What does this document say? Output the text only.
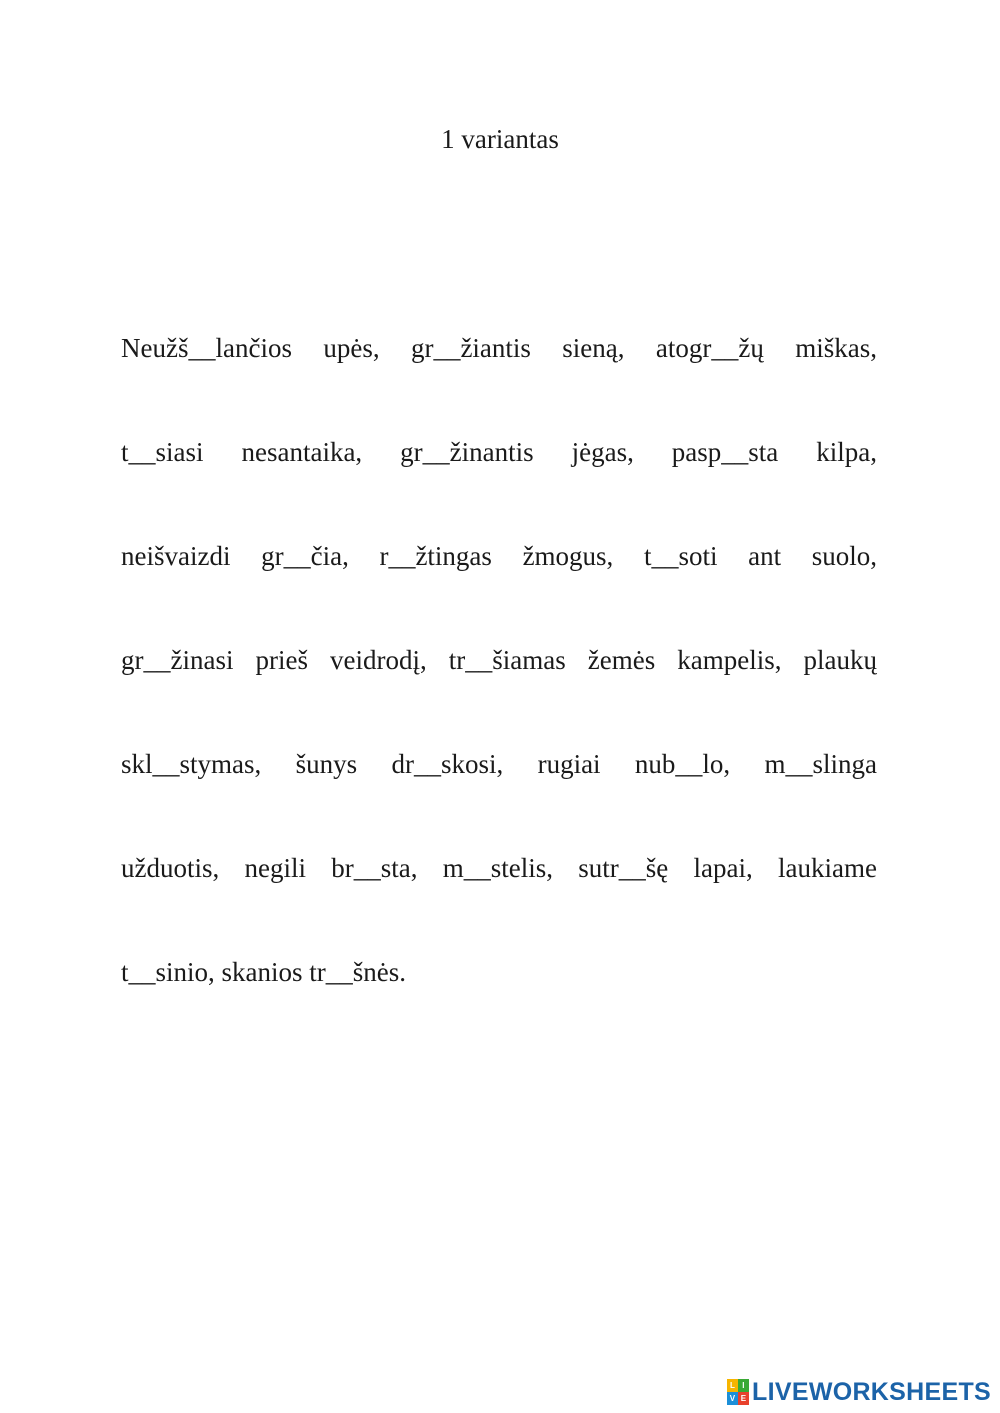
1 variantas
Neužš__lančios upės, gr__žiantis sieną, atogr__žų miškas,
t__siasi nesantaika, gr__žinantis jėgas, pasp__sta kilpa,
neišvaizdi gr__čia, r__žtingas žmogus, t__soti ant suolo,
gr__žinasi prieš veidrodį, tr__šiamas žemės kampelis, plaukų
skl__stymas, šunys dr__skosi, rugiai nub__lo, m__slinga
užduotis, negili br__sta, m__stelis, sutr__šę lapai, laukiame
t__sinio, skanios tr__šnės.
L I
V E LIVEWORKSHEETS
